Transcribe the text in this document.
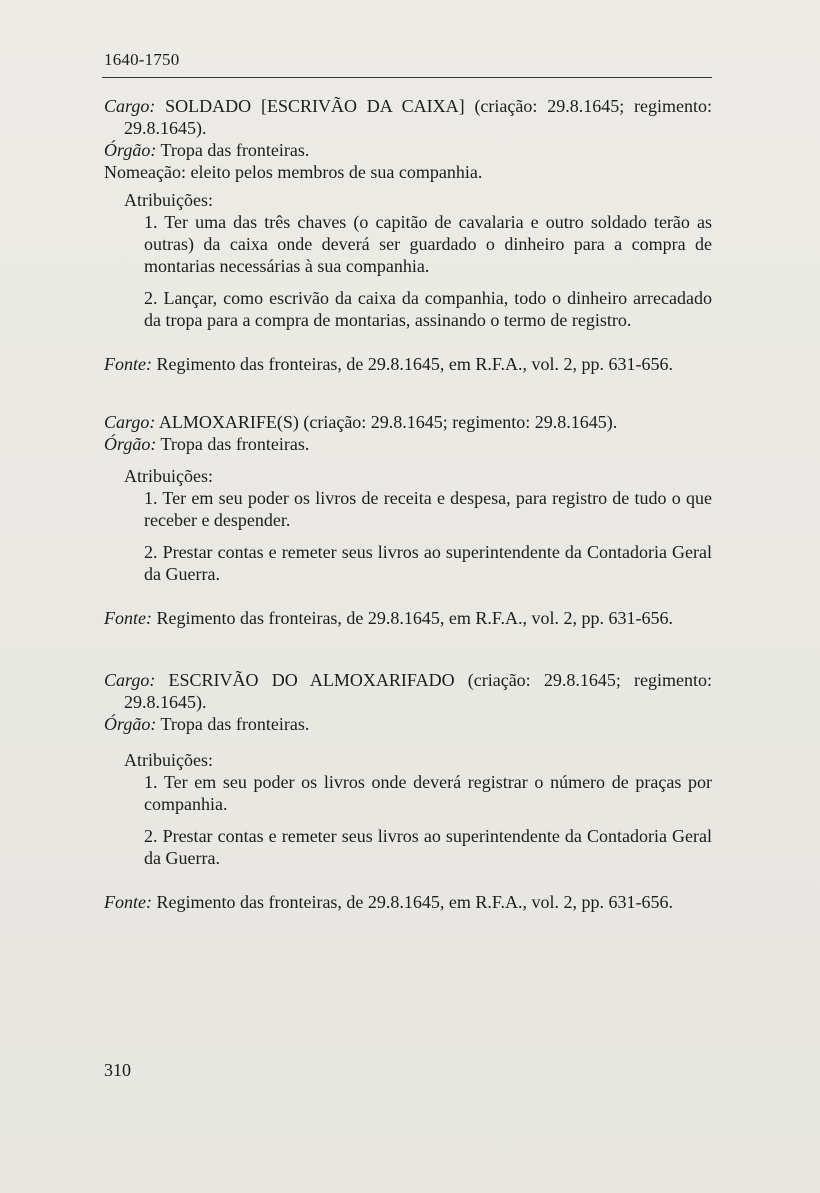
1640-1750

Cargo: SOLDADO [ESCRIVÃO DA CAIXA] (criação: 29.8.1645; regimento: 29.8.1645).

Órgão: Tropa das fronteiras.

Nomeação: eleito pelos membros de sua companhia.

Atribuições:

1. Ter uma das três chaves (o capitão de cavalaria e outro soldado terão as outras) da caixa onde deverá ser guardado o dinheiro para a compra de montarias necessárias à sua companhia.

2. Lançar, como escrivão da caixa da companhia, todo o dinheiro arrecadado da tropa para a compra de montarias, assinando o termo de registro.

Fonte: Regimento das fronteiras, de 29.8.1645, em R.F.A., vol. 2, pp. 631-656.

Cargo: ALMOXARIFE(S) (criação: 29.8.1645; regimento: 29.8.1645).

Órgão: Tropa das fronteiras.

Atribuições:

1. Ter em seu poder os livros de receita e despesa, para registro de tudo o que receber e despender.

2. Prestar contas e remeter seus livros ao superintendente da Contadoria Geral da Guerra.

Fonte: Regimento das fronteiras, de 29.8.1645, em R.F.A., vol. 2, pp. 631-656.

Cargo: ESCRIVÃO DO ALMOXARIFADO (criação: 29.8.1645; regimento: 29.8.1645).

Órgão: Tropa das fronteiras.

Atribuições:

1. Ter em seu poder os livros onde deverá registrar o número de praças por companhia.

2. Prestar contas e remeter seus livros ao superintendente da Contadoria Geral da Guerra.

Fonte: Regimento das fronteiras, de 29.8.1645, em R.F.A., vol. 2, pp. 631-656.

310
